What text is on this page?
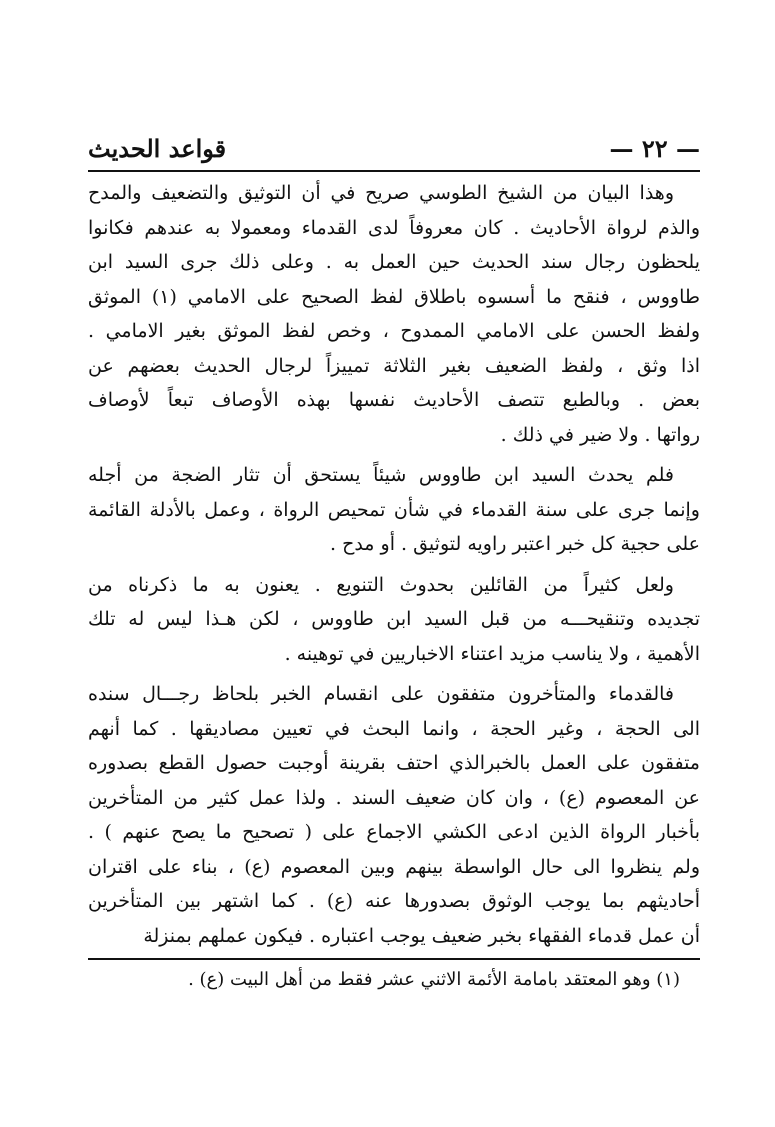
— ٢٢ —
قواعد الحديث
وهذا البيان من الشيخ الطوسي صريح في أن التوثيق والتضعيف والمدح
والذم لرواة الأحاديث . كان معروفاً لدى القدماء ومعمولا به عندهم فكانوا
يلحظون رجال سند الحديث حين العمل به . وعلى ذلك جرى السيد ابن
طاووس ، فنقح ما أسسوه باطلاق لفظ الصحيح على الامامي (١) الموثق
ولفظ الحسن على الامامي الممدوح ، وخص لفظ الموثق بغير الامامي .
اذا وثق ، ولفظ الضعيف بغير الثلاثة تمييزاً لرجال الحديث بعضهم عن
بعض . وبالطبع تتصف الأحاديث نفسها بهذه الأوصاف تبعاً لأوصاف
رواتها . ولا ضير في ذلك .
فلم يحدث السيد ابن طاووس شيئاً يستحق أن تثار الضجة من أجله
وإنما جرى على سنة القدماء في شأن تمحيص الرواة ، وعمل بالأدلة القائمة
على حجية كل خبر اعتبر راويه لتوثيق . أو مدح .
ولعل كثيراً من القائلين بحدوث التنويع . يعنون به ما ذكرناه من
تجديده وتنقيحـــه من قبل السيد ابن طاووس ، لكن هـذا ليس له تلك
الأهمية ، ولا يناسب مزيد اعتناء الاخباريين في توهينه .
فالقدماء والمتأخرون متفقون على انقسام الخبر بلحاظ رجـــال سنده
الى الحجة ، وغير الحجة ، وانما البحث في تعيين مصاديقها . كما أنهم
متفقون على العمل بالخبرالذي احتف بقرينة أوجبت حصول القطع بصدوره
عن المعصوم (ع) ، وان كان ضعيف السند . ولذا عمل كثير من المتأخرين
بأخبار الرواة الذين ادعى الكشي الاجماع على ( تصحيح ما يصح عنهم ) .
ولم ينظروا الى حال الواسطة بينهم وبين المعصوم (ع) ، بناء على اقتران
أحاديثهم بما يوجب الوثوق بصدورها عنه (ع) . كما اشتهر بين المتأخرين
أن عمل قدماء الفقهاء بخبر ضعيف يوجب اعتباره . فيكون عملهم بمنزلة
(١) وهو المعتقد بامامة الأئمة الاثني عشر فقط من أهل البيت (ع) .
